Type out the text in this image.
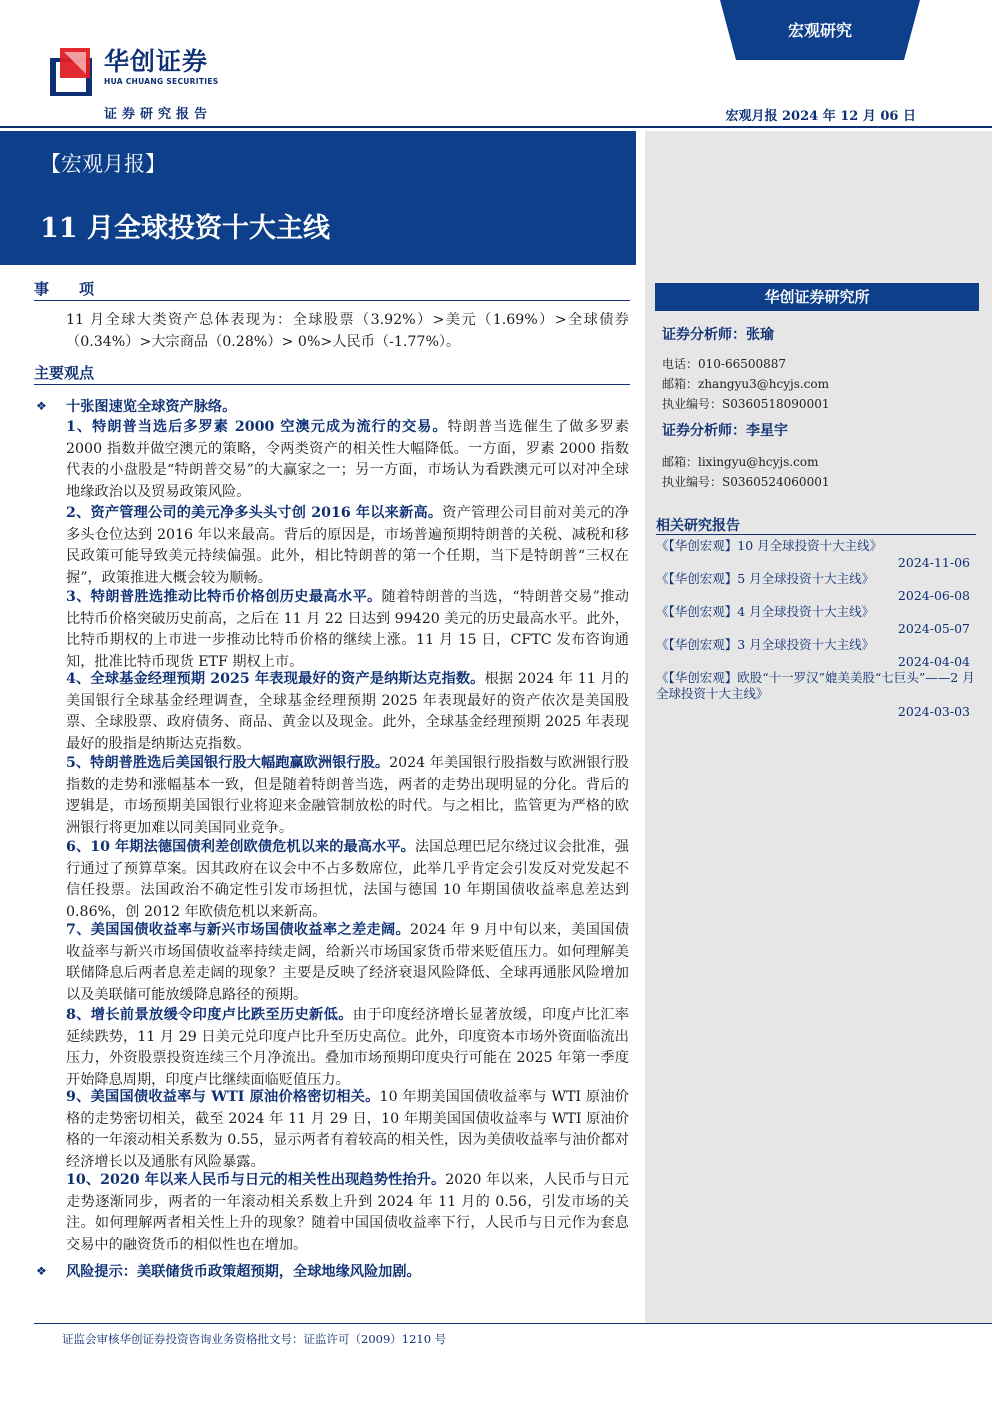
华创证券
HUA CHUANG SECURITIES
证券研究报告
宏观研究
宏观月报 2024 年 12 月 06 日
【宏观月报】
11 月全球投资十大主线
华创证券研究所
证券分析师：张瑜
电话：010-66500887
邮箱：zhangyu3@hcyjs.com
执业编号：S0360518090001
证券分析师：李星宇
邮箱：lixingyu@hcyjs.com
执业编号：S0360524060001
相关研究报告
《【华创宏观】10 月全球投资十大主线》
2024-11-06
《【华创宏观】5 月全球投资十大主线》
2024-06-08
《【华创宏观】4 月全球投资十大主线》
2024-05-07
《【华创宏观】3 月全球投资十大主线》
2024-04-04
《【华创宏观】欧股“十一罗汉”媲美美股“七巨头”——2 月全球投资十大主线》
2024-03-03
事　　项
11 月全球大类资产总体表现为：全球股票（3.92%）>美元（1.69%）>全球债券（0.34%）>大宗商品（0.28%）> 0%>人民币（-1.77%）。
主要观点
❖ 十张图速览全球资产脉络。
1、特朗普当选后多罗素 2000 空澳元成为流行的交易。特朗普当选催生了做多罗素 2000 指数并做空澳元的策略，令两类资产的相关性大幅降低。一方面，罗素 2000 指数代表的小盘股是“特朗普交易”的大赢家之一；另一方面，市场认为看跌澳元可以对冲全球地缘政治以及贸易政策风险。
2、资产管理公司的美元净多头头寸创 2016 年以来新高。资产管理公司目前对美元的净多头仓位达到 2016 年以来最高。背后的原因是，市场普遍预期特朗普的关税、减税和移民政策可能导致美元持续偏强。此外，相比特朗普的第一个任期，当下是特朗普“三权在握”，政策推进大概会较为顺畅。
3、特朗普胜选推动比特币价格创历史最高水平。随着特朗普的当选，“特朗普交易”推动比特币价格突破历史前高，之后在 11 月 22 日达到 99420 美元的历史最高水平。此外，比特币期权的上市进一步推动比特币价格的继续上涨。11 月 15 日，CFTC 发布咨询通知，批准比特币现货 ETF 期权上市。
4、全球基金经理预期 2025 年表现最好的资产是纳斯达克指数。根据 2024 年 11 月的美国银行全球基金经理调查，全球基金经理预期 2025 年表现最好的资产依次是美国股票、全球股票、政府债务、商品、黄金以及现金。此外，全球基金经理预期 2025 年表现最好的股指是纳斯达克指数。
5、特朗普胜选后美国银行股大幅跑赢欧洲银行股。2024 年美国银行股指数与欧洲银行股指数的走势和涨幅基本一致，但是随着特朗普当选，两者的走势出现明显的分化。背后的逻辑是，市场预期美国银行业将迎来金融管制放松的时代。与之相比，监管更为严格的欧洲银行将更加难以同美国同业竞争。
6、10 年期法德国债利差创欧债危机以来的最高水平。法国总理巴尼尔绕过议会批准，强行通过了预算草案。因其政府在议会中不占多数席位，此举几乎肯定会引发反对党发起不信任投票。法国政治不确定性引发市场担忧，法国与德国 10 年期国债收益率息差达到 0.86%，创 2012 年欧债危机以来新高。
7、美国国债收益率与新兴市场国债收益率之差走阔。2024 年 9 月中旬以来，美国国债收益率与新兴市场国债收益率持续走阔，给新兴市场国家货币带来贬值压力。如何理解美联储降息后两者息差走阔的现象？主要是反映了经济衰退风险降低、全球再通胀风险增加以及美联储可能放缓降息路径的预期。
8、增长前景放缓令印度卢比跌至历史新低。由于印度经济增长显著放缓，印度卢比汇率延续跌势，11 月 29 日美元兑印度卢比升至历史高位。此外，印度资本市场外资面临流出压力，外资股票投资连续三个月净流出。叠加市场预期印度央行可能在 2025 年第一季度开始降息周期，印度卢比继续面临贬值压力。
9、美国国债收益率与 WTI 原油价格密切相关。10 年期美国国债收益率与 WTI 原油价格的走势密切相关，截至 2024 年 11 月 29 日，10 年期美国国债收益率与 WTI 原油价格的一年滚动相关系数为 0.55，显示两者有着较高的相关性，因为美债收益率与油价都对经济增长以及通胀有风险暴露。
10、2020 年以来人民币与日元的相关性出现趋势性抬升。2020 年以来，人民币与日元走势逐渐同步，两者的一年滚动相关系数上升到 2024 年 11 月的 0.56，引发市场的关注。如何理解两者相关性上升的现象？随着中国国债收益率下行，人民币与日元作为套息交易中的融资货币的相似性也在增加。
❖ 风险提示：美联储货币政策超预期，全球地缘风险加剧。
证监会审核华创证券投资咨询业务资格批文号：证监许可（2009）1210 号
